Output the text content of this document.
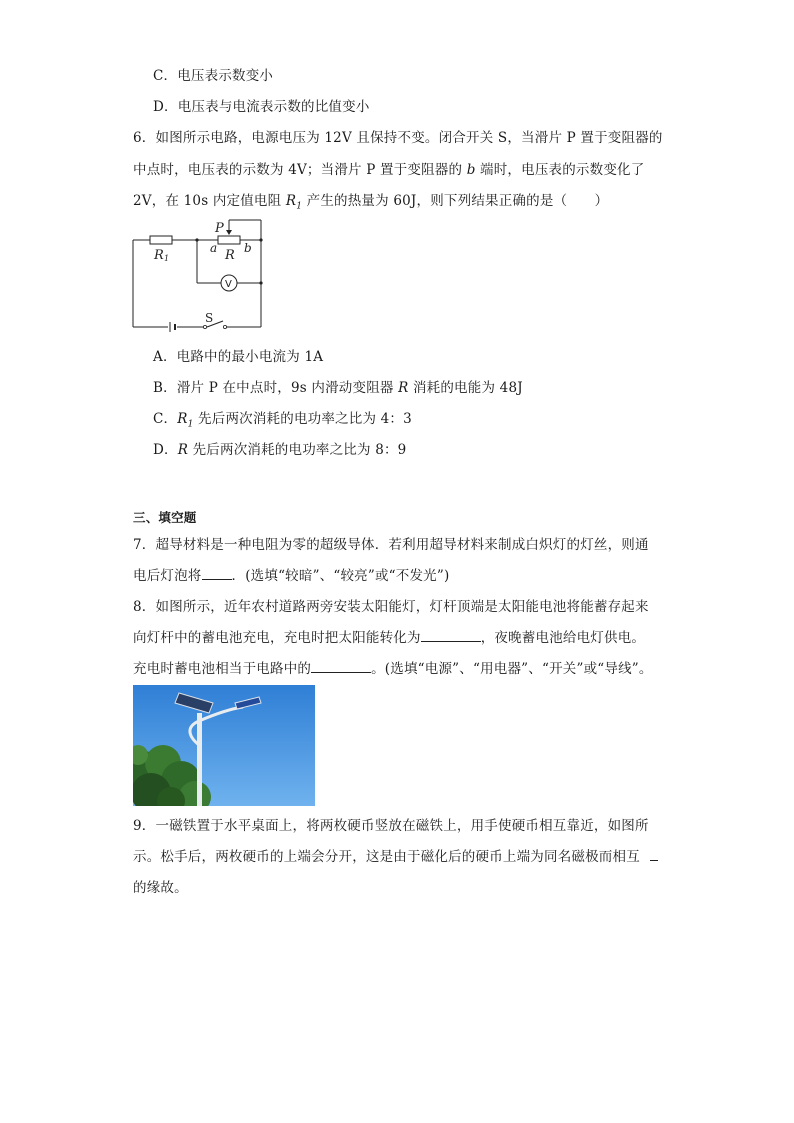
C．电压表示数变小
D．电压表与电流表示数的比值变小
6．如图所示电路，电源电压为 12V 且保持不变。闭合开关 S，当滑片 P 置于变阻器的
中点时，电压表的示数为 4V；当滑片 P 置于变阻器的 b 端时，电压表的示数变化了
2V，在 10s 内定值电阻 $R_1$ 产生的热量为 60J，则下列结果正确的是（　　）
P
a R b
R 1
S
V
A．电路中的最小电流为 1A
B．滑片 P 在中点时，9s 内滑动变阻器 R 消耗的电能为 48J
C．$R_1$ 先后两次消耗的电功率之比为 4：3
D．R 先后两次消耗的电功率之比为 8：9
三、填空题
7．超导材料是一种电阻为零的超级导体．若利用超导材料来制成白炽灯的灯丝，则通
电后灯泡将 ．(选填“较暗”、“较亮”或“不发光”)
8．如图所示，近年农村道路两旁安装太阳能灯，灯杆顶端是太阳能电池将能蓄存起来
向灯杆中的蓄电池充电，充电时把太阳能转化为	，夜晚蓄电池给电灯供电。
充电时蓄电池相当于电路中的	。(选填“电源”、“用电器”、“开关”或“导线”。
9．一磁铁置于水平桌面上，将两枚硬币竖放在磁铁上，用手使硬币相互靠近，如图所
示。松手后，两枚硬币的上端会分开，这是由于磁化后的硬币上端为同名磁极而相互
的缘故。
